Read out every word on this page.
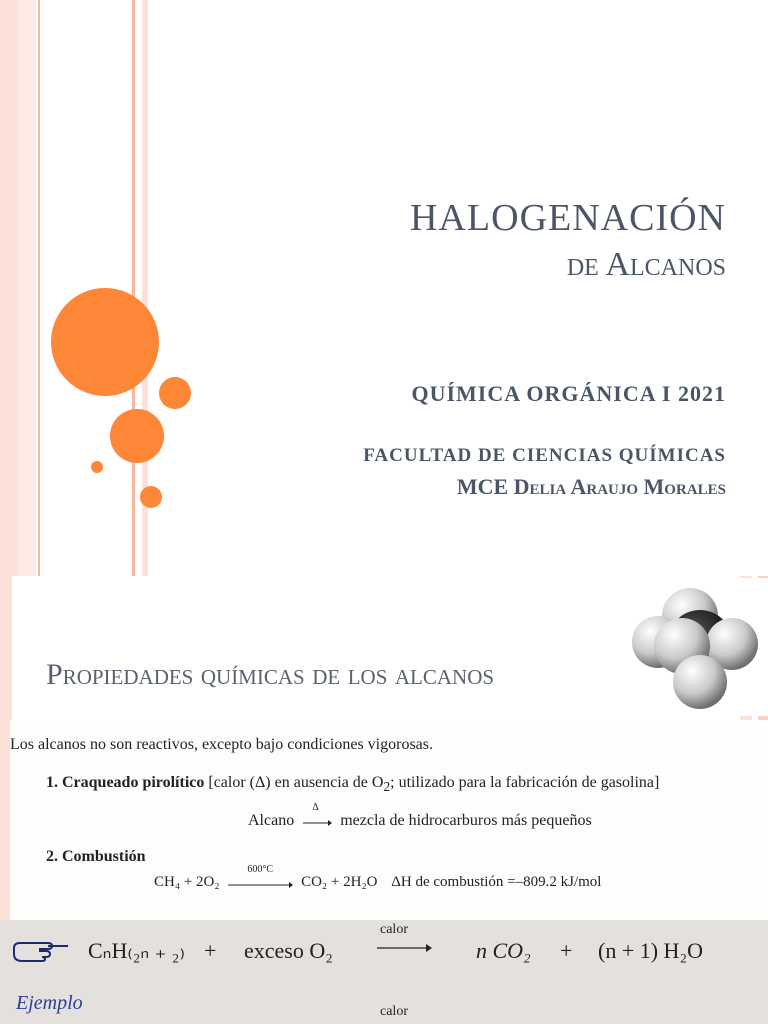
HALOGENACIÓN
de Alcanos
QUÍMICA ORGÁNICA I 2021
FACULTAD DE CIENCIAS QUÍMICAS
MCE Delia Araujo Morales
Propiedades químicas de los alcanos

Los alcanos no son reactivos, excepto bajo condiciones vigorosas.

1. Craqueado pirolítico [calor (Δ) en ausencia de $O_2$; utilizado para la fabricación de gasolina]

Alcano
Δ
mezcla de hidrocarburos más pequeños

2. Combustión

CH₄ + 2O₂
600°C
CO₂ + 2H₂O ΔH de combustión =–809.2 kJ/mol

CₙH₍₂ₙ ₊ ₂₎ + exceso O₂
calor
n CO₂ + (n + 1) H₂O
Ejemplo	calor
